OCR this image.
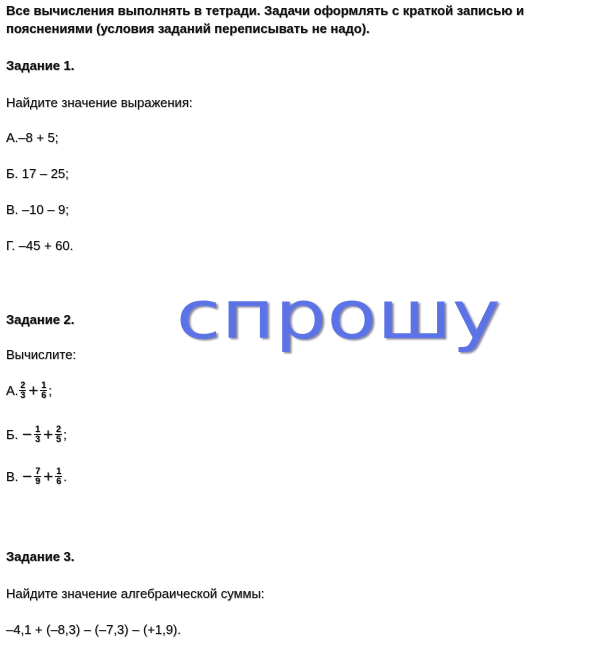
Все вычисления выполнять в тетради. Задачи оформлять с краткой записью и
пояснениями (условия заданий переписывать не надо).
Задание 1.
Найдите значение выражения:
А.–8 + 5;
Б. 17 – 25;
В. –10 – 9;
Г. –45 + 60.
Задание 2.
Вычислите:
А. $\frac{2}{3} + \frac{1}{6}$ ;
Б. − $\frac{1}{3} + \frac{2}{5}$ ;
В. − $\frac{7}{9} + \frac{1}{6}$ .
Задание 3.
Найдите значение алгебраической суммы:
–4,1 + (–8,3) – (–7,3) – (+1,9).
спрошу
